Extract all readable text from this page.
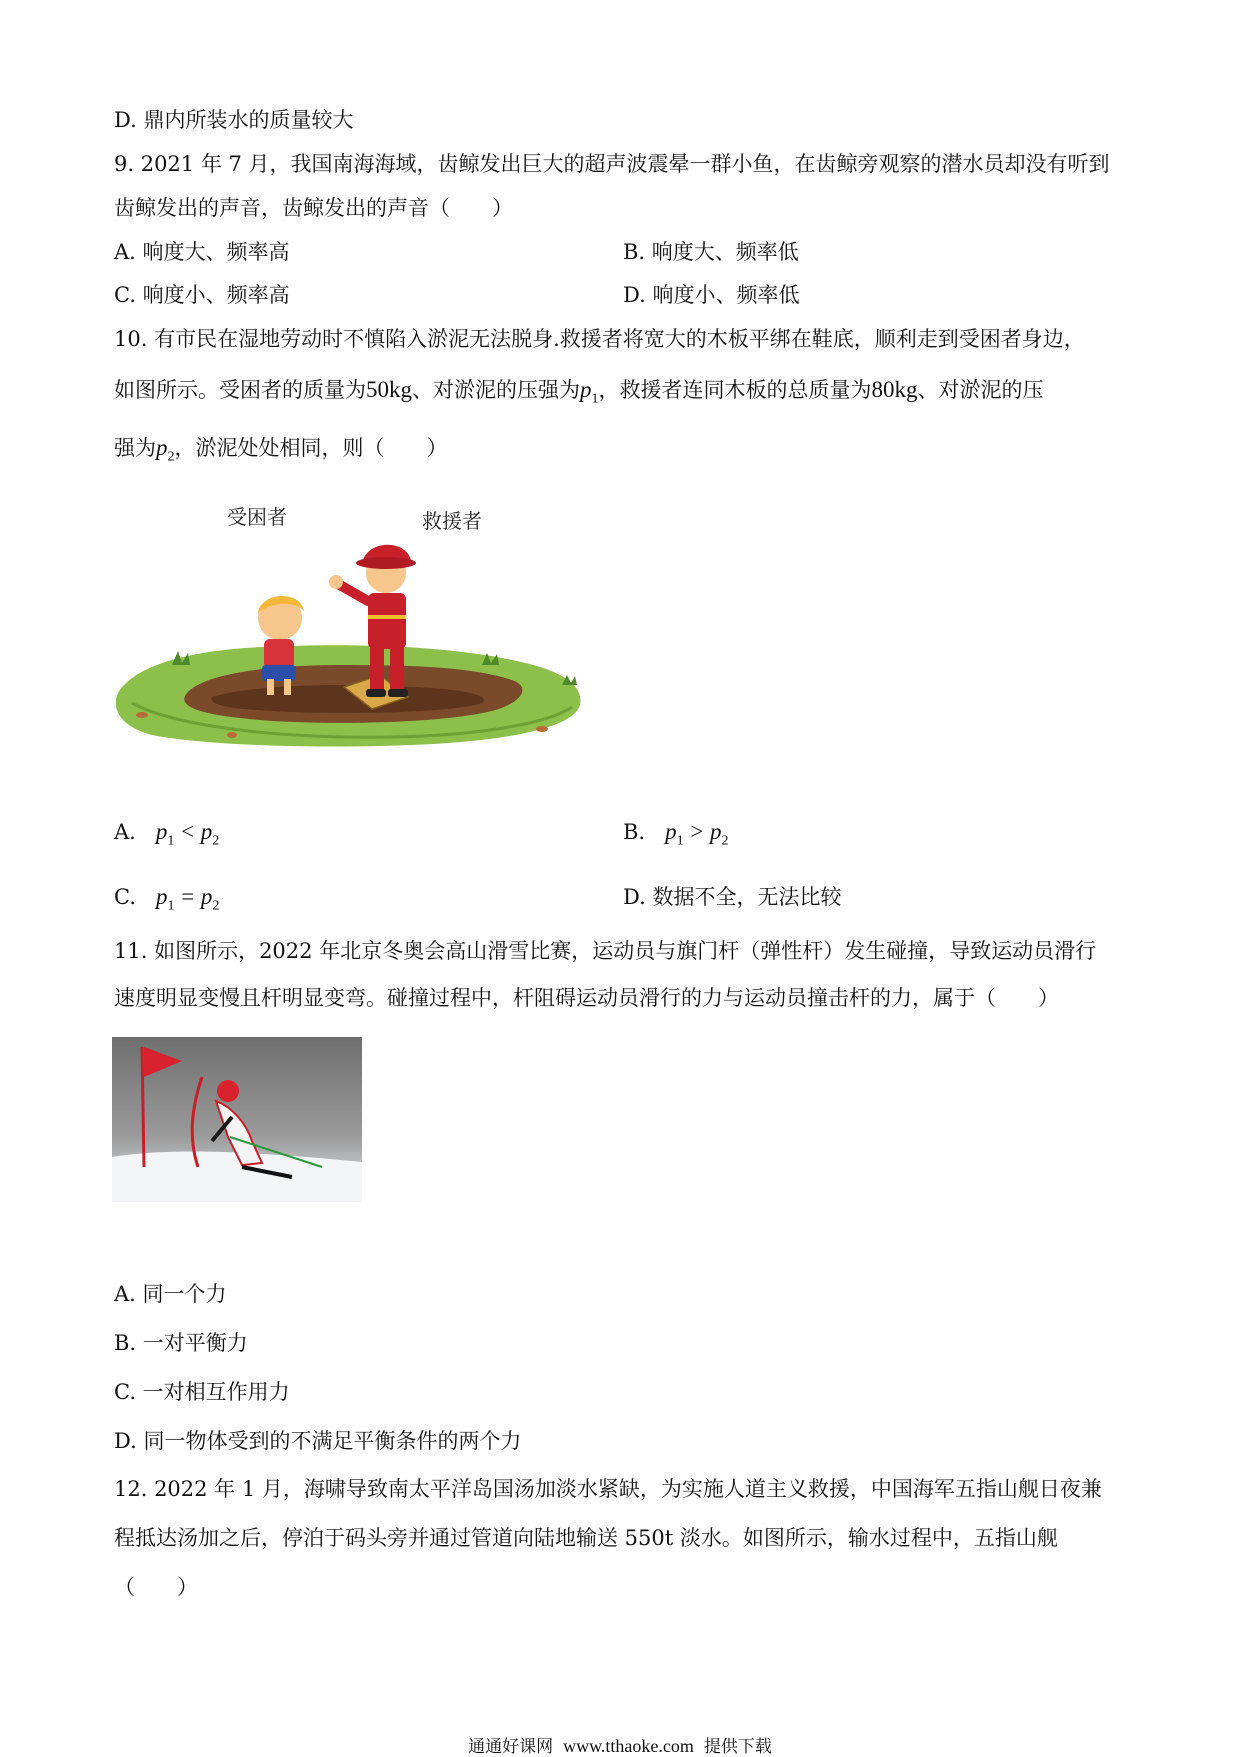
D. 鼎内所装水的质量较大
9. 2021 年 7 月，我国南海海域，齿鲸发出巨大的超声波震晕一群小鱼，在齿鲸旁观察的潜水员却没有听到
齿鲸发出的声音，齿鲸发出的声音（　　）
A. 响度大、频率高	B. 响度大、频率低
C. 响度小、频率高	D. 响度小、频率低
10. 有市民在湿地劳动时不慎陷入淤泥无法脱身.救援者将宽大的木板平绑在鞋底，顺利走到受困者身边，
如图所示。受困者的质量为50kg、对淤泥的压强为$p_1$，救援者连同木板的总质量为80kg、对淤泥的压
强为$p_2$，淤泥处处相同，则（　　）
受困者	救援者
A. $p_1 < p_2$	B. $p_1 > p_2$
C. $p_1 = p_2$	D. 数据不全，无法比较
11. 如图所示，2022 年北京冬奥会高山滑雪比赛，运动员与旗门杆（弹性杆）发生碰撞，导致运动员滑行
速度明显变慢且杆明显变弯。碰撞过程中，杆阻碍运动员滑行的力与运动员撞击杆的力，属于（　　）
A. 同一个力
B. 一对平衡力
C. 一对相互作用力
D. 同一物体受到的不满足平衡条件的两个力
12. 2022 年 1 月，海啸导致南太平洋岛国汤加淡水紧缺，为实施人道主义救援，中国海军五指山舰日夜兼
程抵达汤加之后，停泊于码头旁并通过管道向陆地输送 550t 淡水。如图所示，输水过程中，五指山舰
（　　）
通通好课网 www.tthaoke.com 提供下载
